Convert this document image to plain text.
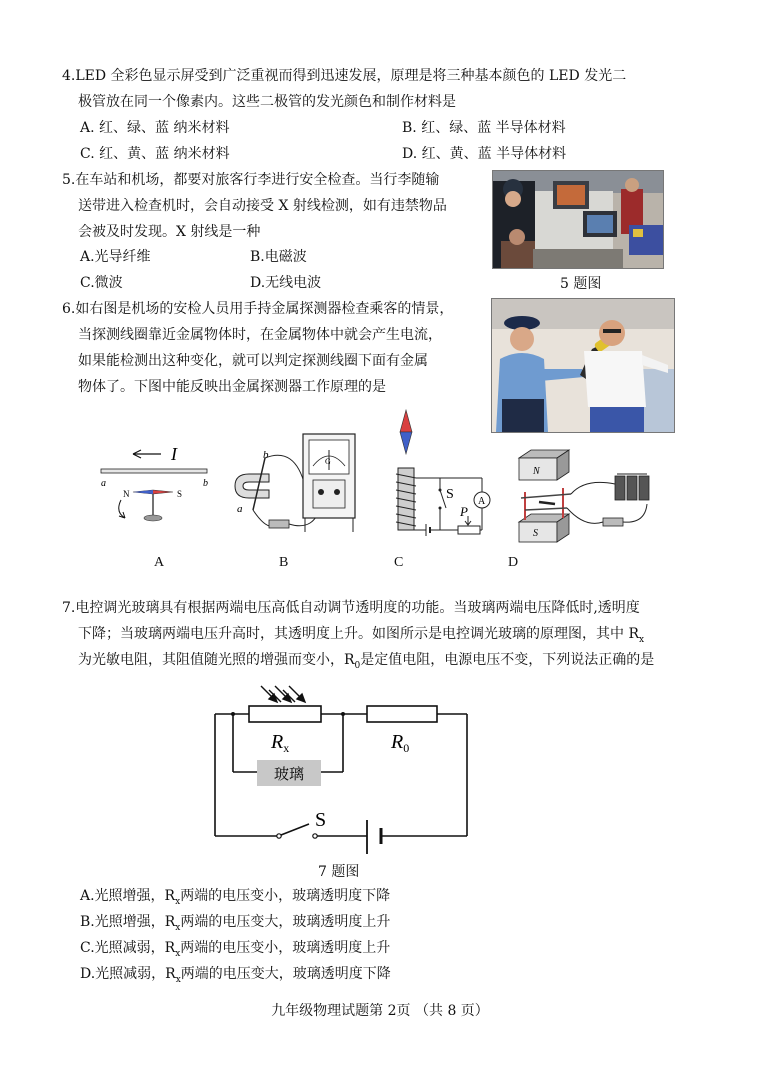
4.LED 全彩色显示屏受到广泛重视而得到迅速发展，原理是将三种基本颜色的 LED 发光二
极管放在同一个像素内。这些二极管的发光颜色和制作材料是
A. 红、绿、蓝 纳米材料	B. 红、绿、蓝 半导体材料
C. 红、黄、蓝 纳米材料	D. 红、黄、蓝 半导体材料
5.在车站和机场，都要对旅客行李进行安全检查。当行李随输
送带进入检查机时，会自动接受 X 射线检测，如有违禁物品
会被及时发现。X 射线是一种
A.光导纤维	B.电磁波
C.微波	D.无线电波	5 题图
6.如右图是机场的安检人员用手持金属探测器检查乘客的情景，
当探测线圈靠近金属物体时，在金属物体中就会产生电流，
如果能检测出这种变化，就可以判定探测线圈下面有金属
物体了。下图中能反映出金属探测器工作原理的是
I
a	b
N	S
b
a
G
S A
P
N
S
A	B	C	D
7.电控调光玻璃具有根据两端电压高低自动调节透明度的功能。当玻璃两端电压降低时,透明度
下降；当玻璃两端电压升高时，其透明度上升。如图所示是电控调光玻璃的原理图，其中 $R_x$
为光敏电阻，其阻值随光照的增强而变小，$R_0$是定值电阻，电源电压不变，下列说法正确的是
玻璃
$R_x$	$R_0$
S
7 题图
A.光照增强，$R_x$两端的电压变小，玻璃透明度下降
B.光照增强，$R_x$两端的电压变大，玻璃透明度上升
C.光照减弱，$R_x$两端的电压变小，玻璃透明度上升
D.光照减弱，$R_x$两端的电压变大，玻璃透明度下降
九年级物理试题第 2页 （共 8 页）
